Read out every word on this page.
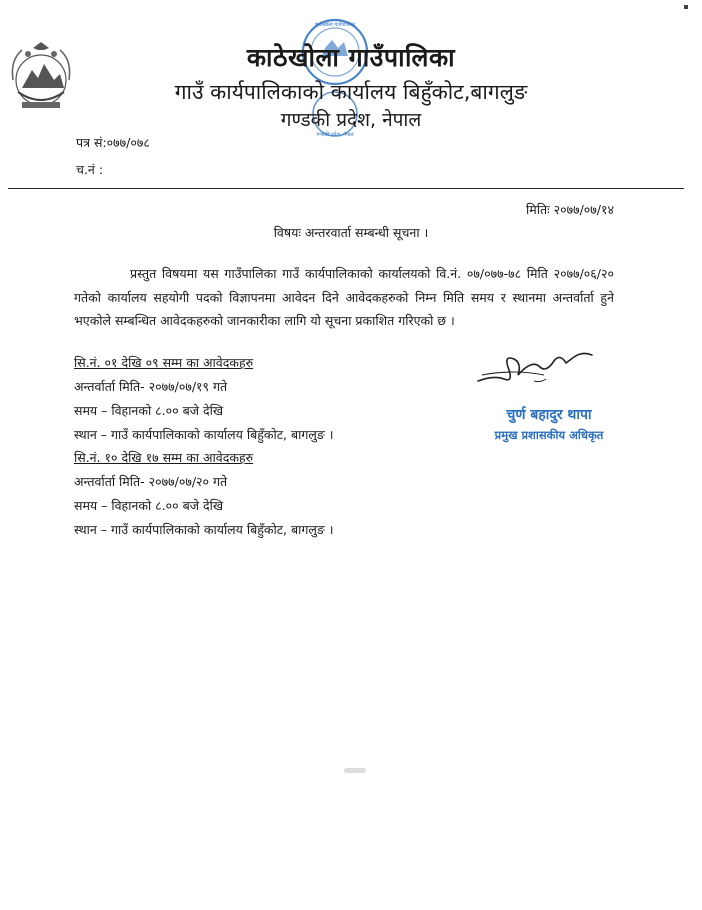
काठेखोला गाउँपालिका
गण्डकी प्रदेश, नेपाल
काठेखोला गाउँपालिका
गाउँ कार्यपालिकाको कार्यालय बिहुँकोट,बागलुङ
गण्डकी प्रदेश, नेपाल
पत्र सं:०७७/०७८
च.नं :
मितिः २०७७/०७/१४
विषयः अन्तरवार्ता सम्बन्धी सूचना ।
प्रस्तुत विषयमा यस गाउँपालिका गाउँ कार्यपालिकाको कार्यालयको वि.नं. ०७/०७७-७८ मिति २०७७/०६/२० गतेको कार्यालय सहयोगी पदको विज्ञापनमा आवेदन दिने आवेदकहरुको निम्न मिति समय र स्थानमा अन्तर्वार्ता हुने भएकोले सम्बन्धित आवेदकहरुको जानकारीका लागि यो सूचना प्रकाशित गरिएको छ ।
सि.नं. ०१ देखि ०९ सम्म का आवेदकहरु
अन्तर्वार्ता मिति- २०७७/०७/१९ गते
समय – विहानको ८.०० बजे देखि
स्थान – गाउँ कार्यपालिकाको कार्यालय बिहुँकोट, बागलुङ ।
सि.नं. १० देखि १७ सम्म का आवेदकहरु
अन्तर्वार्ता मिति- २०७७/०७/२० गते
समय – विहानको ८.०० बजे देखि
स्थान – गाउँ कार्यपालिकाको कार्यालय बिहुँकोट, बागलुङ ।
चुर्ण बहादुर थापा
प्रमुख प्रशासकीय अधिकृत
